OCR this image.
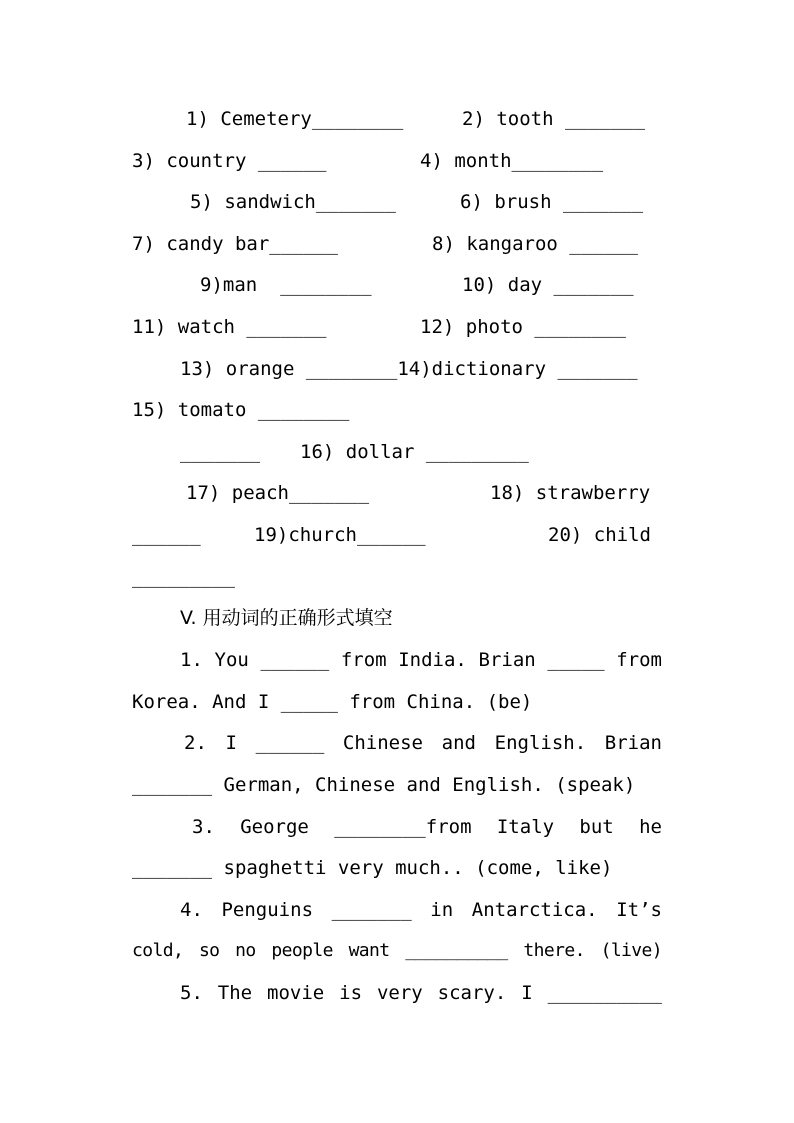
1) Cemetery________

	2) tooth _______

3) country ______

	4) month________

5) sandwich_______

	6) brush _______

7) candy bar______

	8) kangaroo ______

9)man  ________

	10) day _______

11) watch _______

	12) photo ________

13) orange ________14)dictionary _______

15) tomato ________

_______

16) dollar _________

17) peach_______

	18) strawberry

______

	19)church______

	20) child

_________

V. 用动词的正确形式填空

1. You ______ from India. Brian _____ from
Korea. And I _____ from China. (be)
2. I ______ Chinese and English. Brian
_______ German, Chinese and English. (speak)
3. George ________from Italy but he
_______ spaghetti very much.. (come, like)
4. Penguins _______ in Antarctica. It’s
cold, so no people want __________ there. (live)
5. The movie is very scary. I __________
